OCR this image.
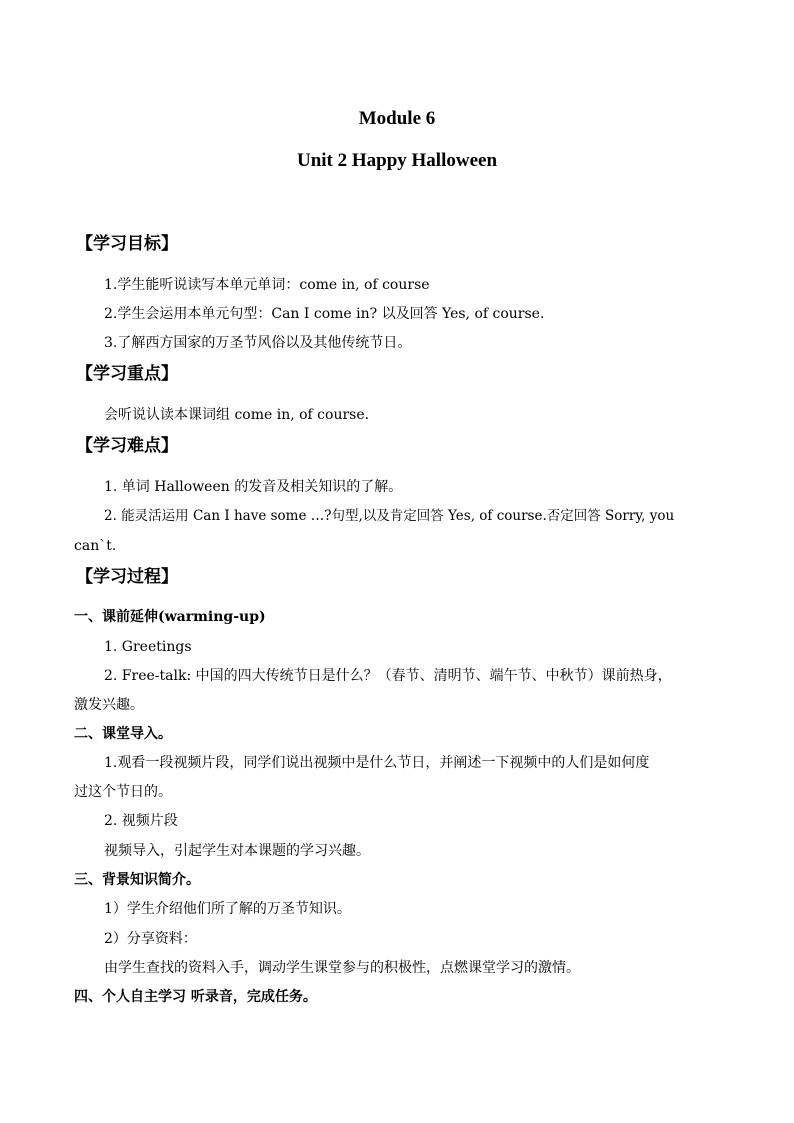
Module 6
Unit 2 Happy Halloween
【学习目标】
1.学生能听说读写本单元单词：come in, of course
2.学生会运用本单元句型：Can I come in? 以及回答 Yes, of course.
3.了解西方国家的万圣节风俗以及其他传统节日。
【学习重点】
会听说认读本课词组 come in, of course.
【学习难点】
1. 单词 Halloween 的发音及相关知识的了解。
2. 能灵活运用 Can I have some …?句型,以及肯定回答 Yes, of course.否定回答 Sorry, you
can`t.
【学习过程】
一、课前延伸(warming-up)
1. Greetings
2. Free-talk: 中国的四大传统节日是什么？（春节、清明节、端午节、中秋节）课前热身，
激发兴趣。
二、课堂导入。
1.观看一段视频片段，同学们说出视频中是什么节日，并阐述一下视频中的人们是如何度
过这个节日的。
2. 视频片段
视频导入，引起学生对本课题的学习兴趣。
三、背景知识简介。
1）学生介绍他们所了解的万圣节知识。
2）分享资料：
由学生查找的资料入手，调动学生课堂参与的积极性，点燃课堂学习的激情。
四、个人自主学习 听录音，完成任务。
